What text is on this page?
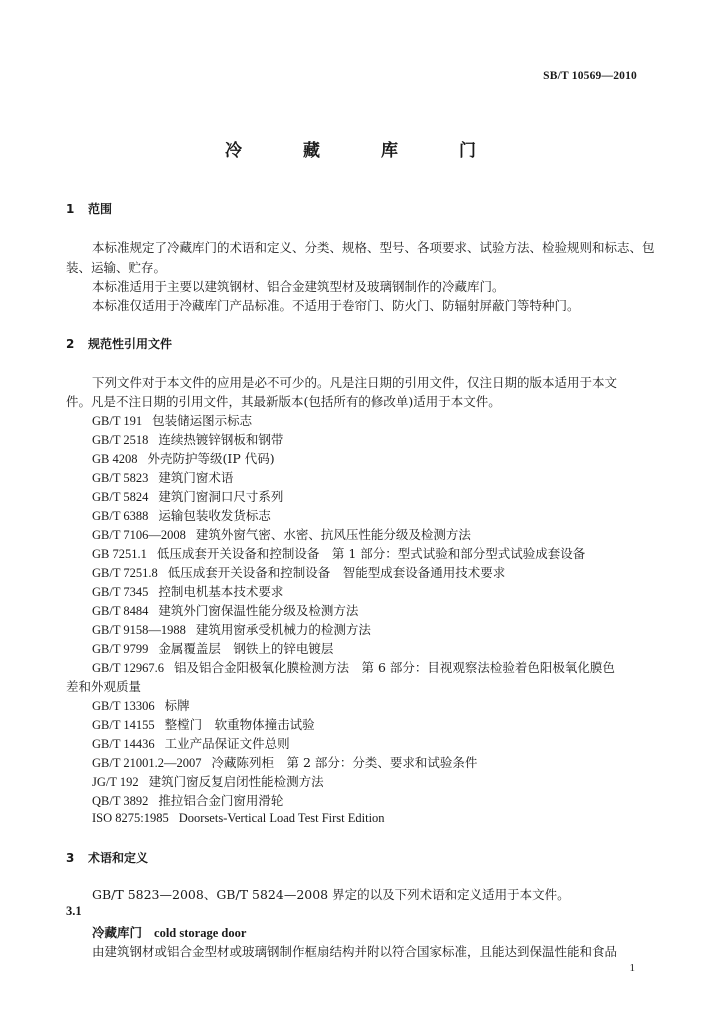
SB/T 10569—2010
冷　藏　库　门
1 范围
本标准规定了冷藏库门的术语和定义、分类、规格、型号、各项要求、试验方法、检验规则和标志、包
装、运输、贮存。
本标准适用于主要以建筑钢材、铝合金建筑型材及玻璃钢制作的冷藏库门。
本标准仅适用于冷藏库门产品标准。不适用于卷帘门、防火门、防辐射屏蔽门等特种门。
2 规范性引用文件
下列文件对于本文件的应用是必不可少的。凡是注日期的引用文件，仅注日期的版本适用于本文
件。凡是不注日期的引用文件，其最新版本(包括所有的修改单)适用于本文件。
GB/T 191 包装储运图示标志
GB/T 2518 连续热镀锌钢板和钢带
GB 4208 外壳防护等级(IP 代码)
GB/T 5823 建筑门窗术语
GB/T 5824 建筑门窗洞口尺寸系列
GB/T 6388 运输包装收发货标志
GB/T 7106—2008 建筑外窗气密、水密、抗风压性能分级及检测方法
GB 7251.1 低压成套开关设备和控制设备　第 1 部分：型式试验和部分型式试验成套设备
GB/T 7251.8 低压成套开关设备和控制设备　智能型成套设备通用技术要求
GB/T 7345 控制电机基本技术要求
GB/T 8484 建筑外门窗保温性能分级及检测方法
GB/T 9158—1988 建筑用窗承受机械力的检测方法
GB/T 9799 金属覆盖层　钢铁上的锌电镀层
GB/T 12967.6 铝及铝合金阳极氧化膜检测方法　第 6 部分：目视观察法检验着色阳极氧化膜色
差和外观质量
GB/T 13306 标牌
GB/T 14155 整樘门　软重物体撞击试验
GB/T 14436 工业产品保证文件总则
GB/T 21001.2—2007 冷藏陈列柜　第 2 部分：分类、要求和试验条件
JG/T 192 建筑门窗反复启闭性能检测方法
QB/T 3892 推拉铝合金门窗用滑轮
ISO 8275:1985 Doorsets-Vertical Load Test First Edition
3 术语和定义
GB/T 5823—2008、GB/T 5824—2008 界定的以及下列术语和定义适用于本文件。
3.1
冷藏库门 cold storage door
由建筑钢材或铝合金型材或玻璃钢制作框扇结构并附以符合国家标准，且能达到保温性能和食品
1
